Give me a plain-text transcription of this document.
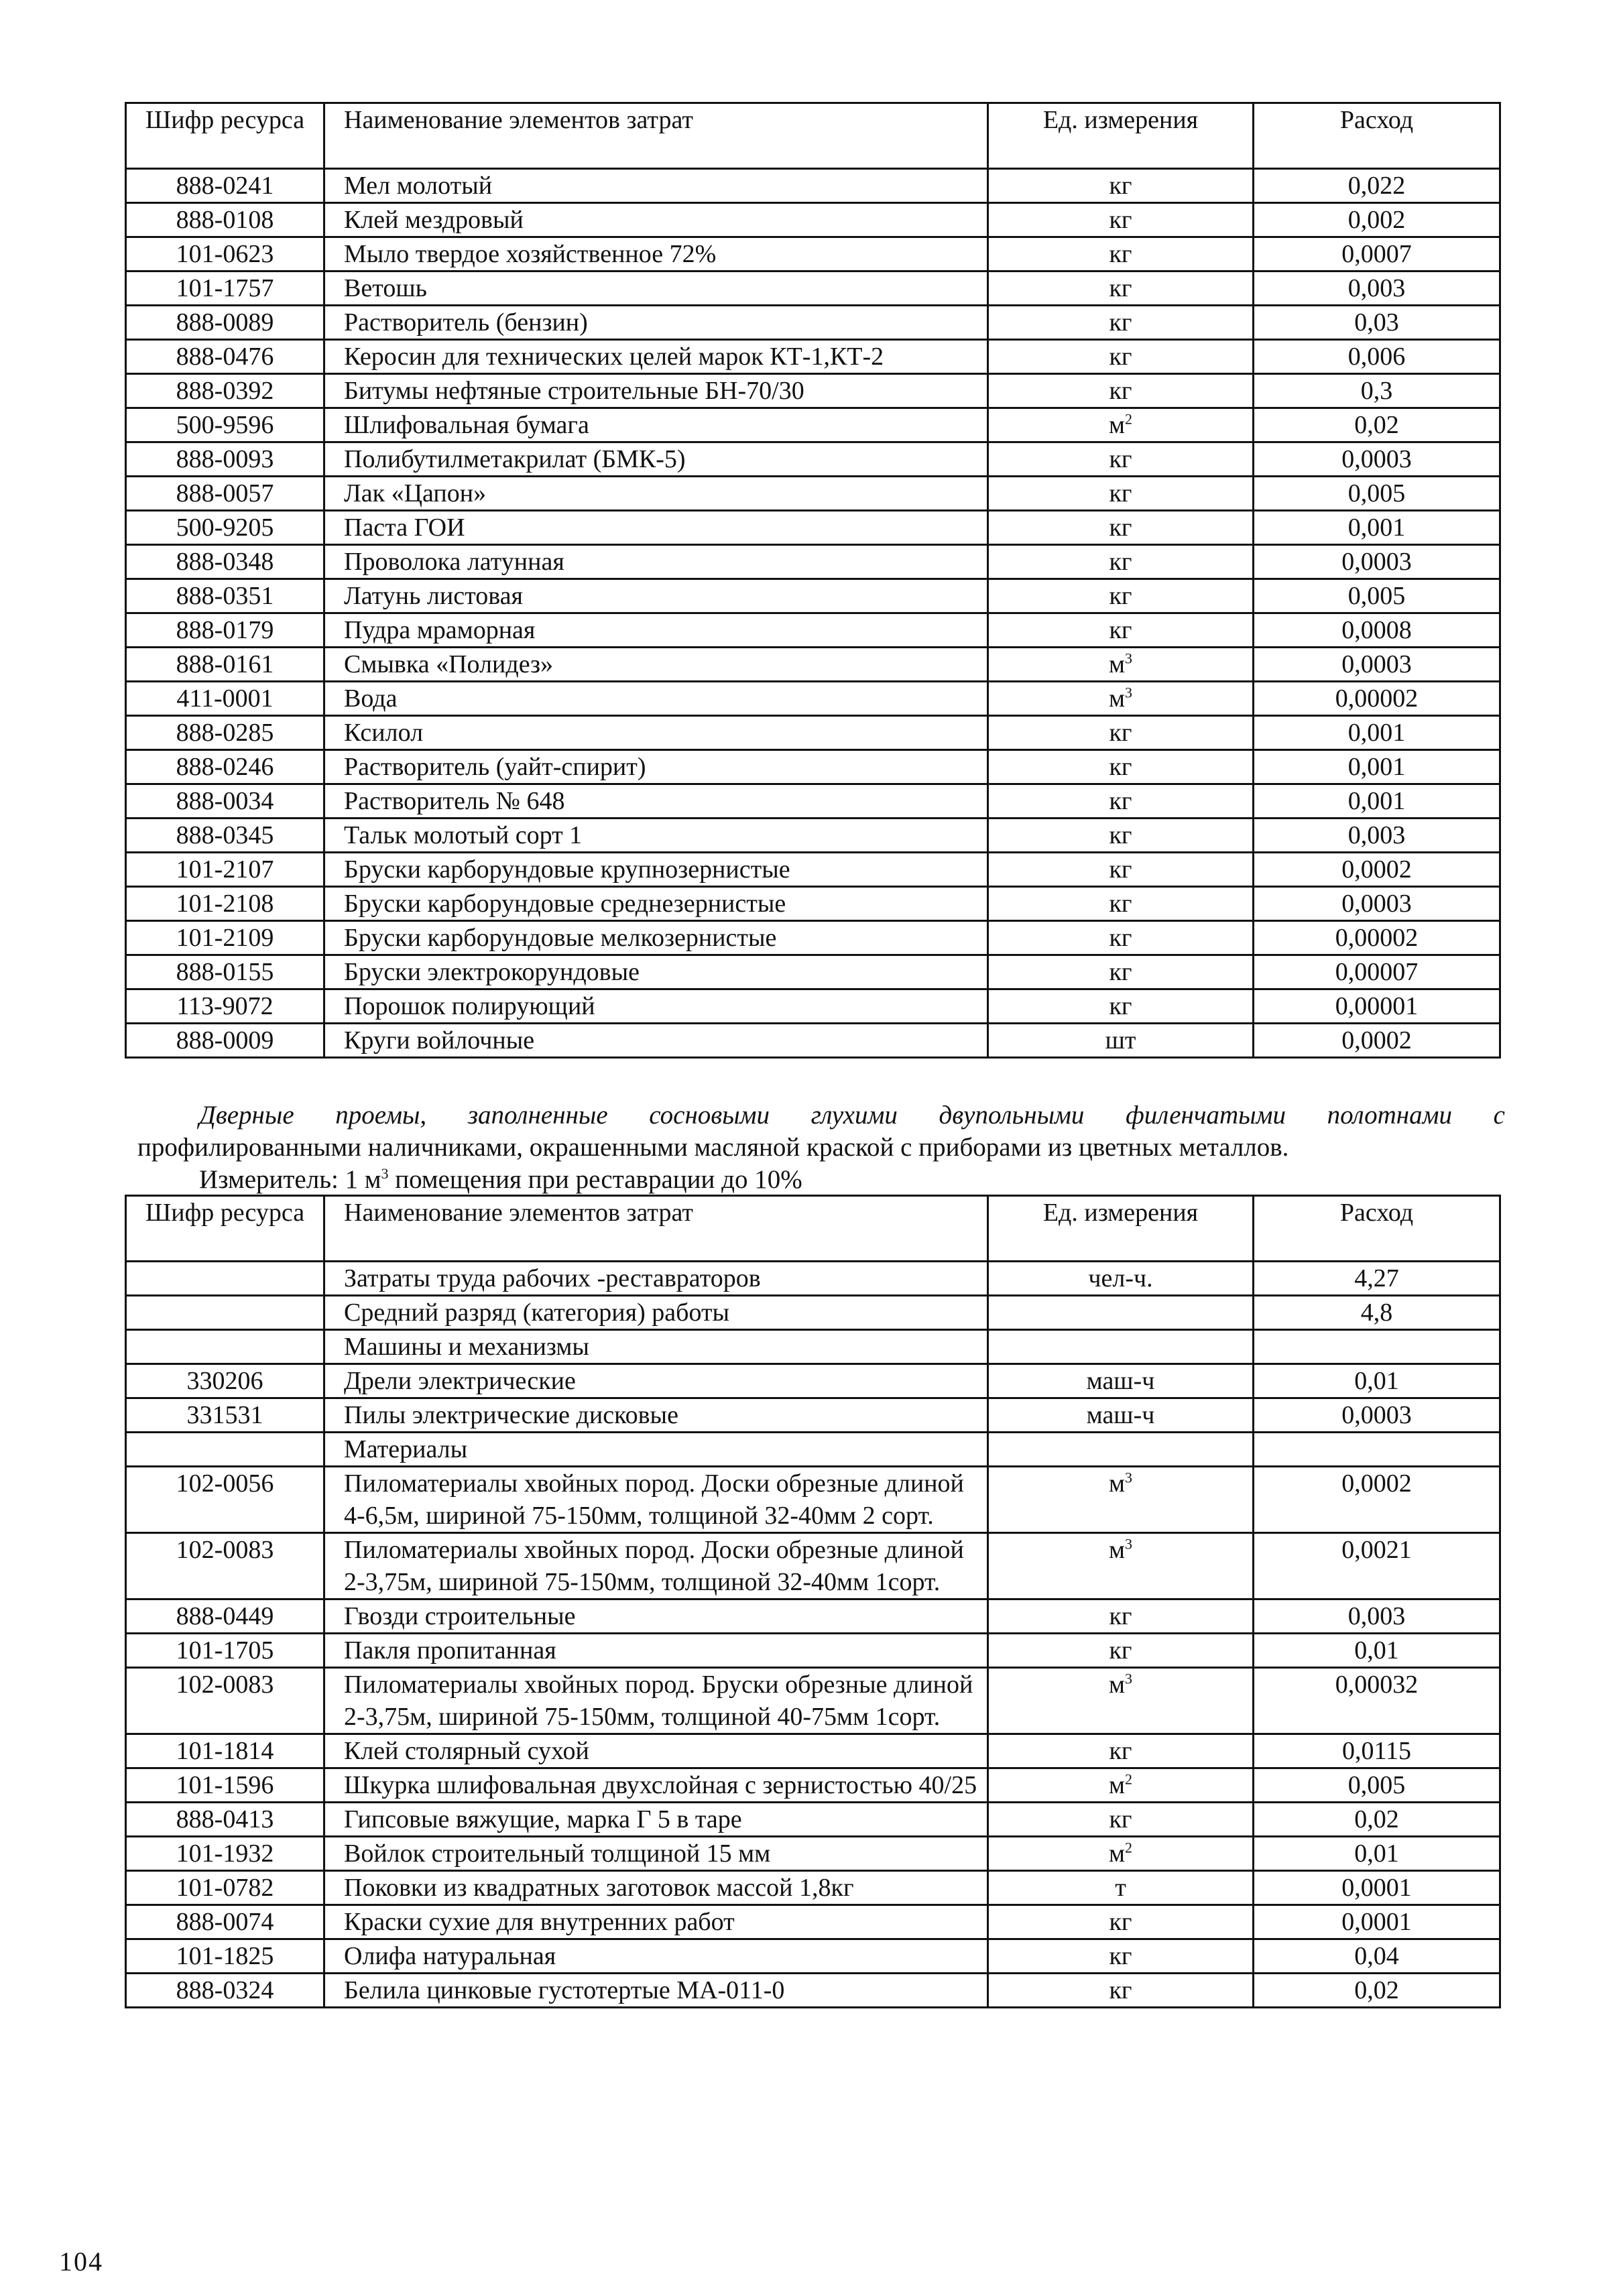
Шифр ресурса	Наименование элементов затрат	Ед. измерения	Расход
888-0241	Мел молотый	кг	0,022
888-0108	Клей мездровый	кг	0,002
101-0623	Мыло твердое хозяйственное 72%	кг	0,0007
101-1757	Ветошь	кг	0,003
888-0089	Растворитель (бензин)	кг	0,03
888-0476	Керосин для технических целей марок КТ-1,КТ-2	кг	0,006
888-0392	Битумы нефтяные строительные БН-70/30	кг	0,3
500-9596	Шлифовальная бумага	$м^2$	0,02
888-0093	Полибутилметакрилат (БМК-5)	кг	0,0003
888-0057	Лак «Цапон»	кг	0,005
500-9205	Паста ГОИ	кг	0,001
888-0348	Проволока латунная	кг	0,0003
888-0351	Латунь листовая	кг	0,005
888-0179	Пудра мраморная	кг	0,0008
888-0161	Смывка «Полидез»	$м^3$	0,0003
411-0001	Вода	$м^3$	0,00002
888-0285	Ксилол	кг	0,001
888-0246	Растворитель (уайт-спирит)	кг	0,001
888-0034	Растворитель № 648	кг	0,001
888-0345	Тальк молотый сорт 1	кг	0,003
101-2107	Бруски карборундовые крупнозернистые	кг	0,0002
101-2108	Бруски карборундовые среднезернистые	кг	0,0003
101-2109	Бруски карборундовые мелкозернистые	кг	0,00002
888-0155	Бруски электрокорундовые	кг	0,00007
113-9072	Порошок полирующий	кг	0,00001
888-0009	Круги войлочные	шт	0,0002
Дверные проемы, заполненные сосновыми глухими двупольными филенчатыми полотнами с
профилированными наличниками, окрашенными масляной краской с приборами из цветных металлов.
Измеритель: 1 $м^3$ помещения при реставрации до 10%
Шифр ресурса	Наименование элементов затрат	Ед. измерения	Расход
	Затраты труда рабочих -реставраторов	чел-ч.	4,27
	Средний разряд (категория) работы		4,8
	Машины и механизмы		
330206	Дрели электрические	маш-ч	0,01
331531	Пилы электрические дисковые	маш-ч	0,0003
	Материалы		
102-0056	Пиломатериалы хвойных пород. Доски обрезные длиной 4-6,5м, шириной 75-150мм, толщиной 32-40мм 2 сорт.	$м^3$	0,0002
102-0083	Пиломатериалы хвойных пород. Доски обрезные длиной 2-3,75м, шириной 75-150мм, толщиной 32-40мм 1сорт.	$м^3$	0,0021
888-0449	Гвозди строительные	кг	0,003
101-1705	Пакля пропитанная	кг	0,01
102-0083	Пиломатериалы хвойных пород. Бруски обрезные длиной 2-3,75м, шириной 75-150мм, толщиной 40-75мм 1сорт.	$м^3$	0,00032
101-1814	Клей столярный сухой	кг	0,0115
101-1596	Шкурка шлифовальная двухслойная с зернистостью 40/25	$м^2$	0,005
888-0413	Гипсовые вяжущие, марка Г 5 в таре	кг	0,02
101-1932	Войлок строительный толщиной 15 мм	$м^2$	0,01
101-0782	Поковки из квадратных заготовок массой 1,8кг	т	0,0001
888-0074	Краски сухие для внутренних работ	кг	0,0001
101-1825	Олифа натуральная	кг	0,04
888-0324	Белила цинковые густотертые МА-011-0	кг	0,02
104
